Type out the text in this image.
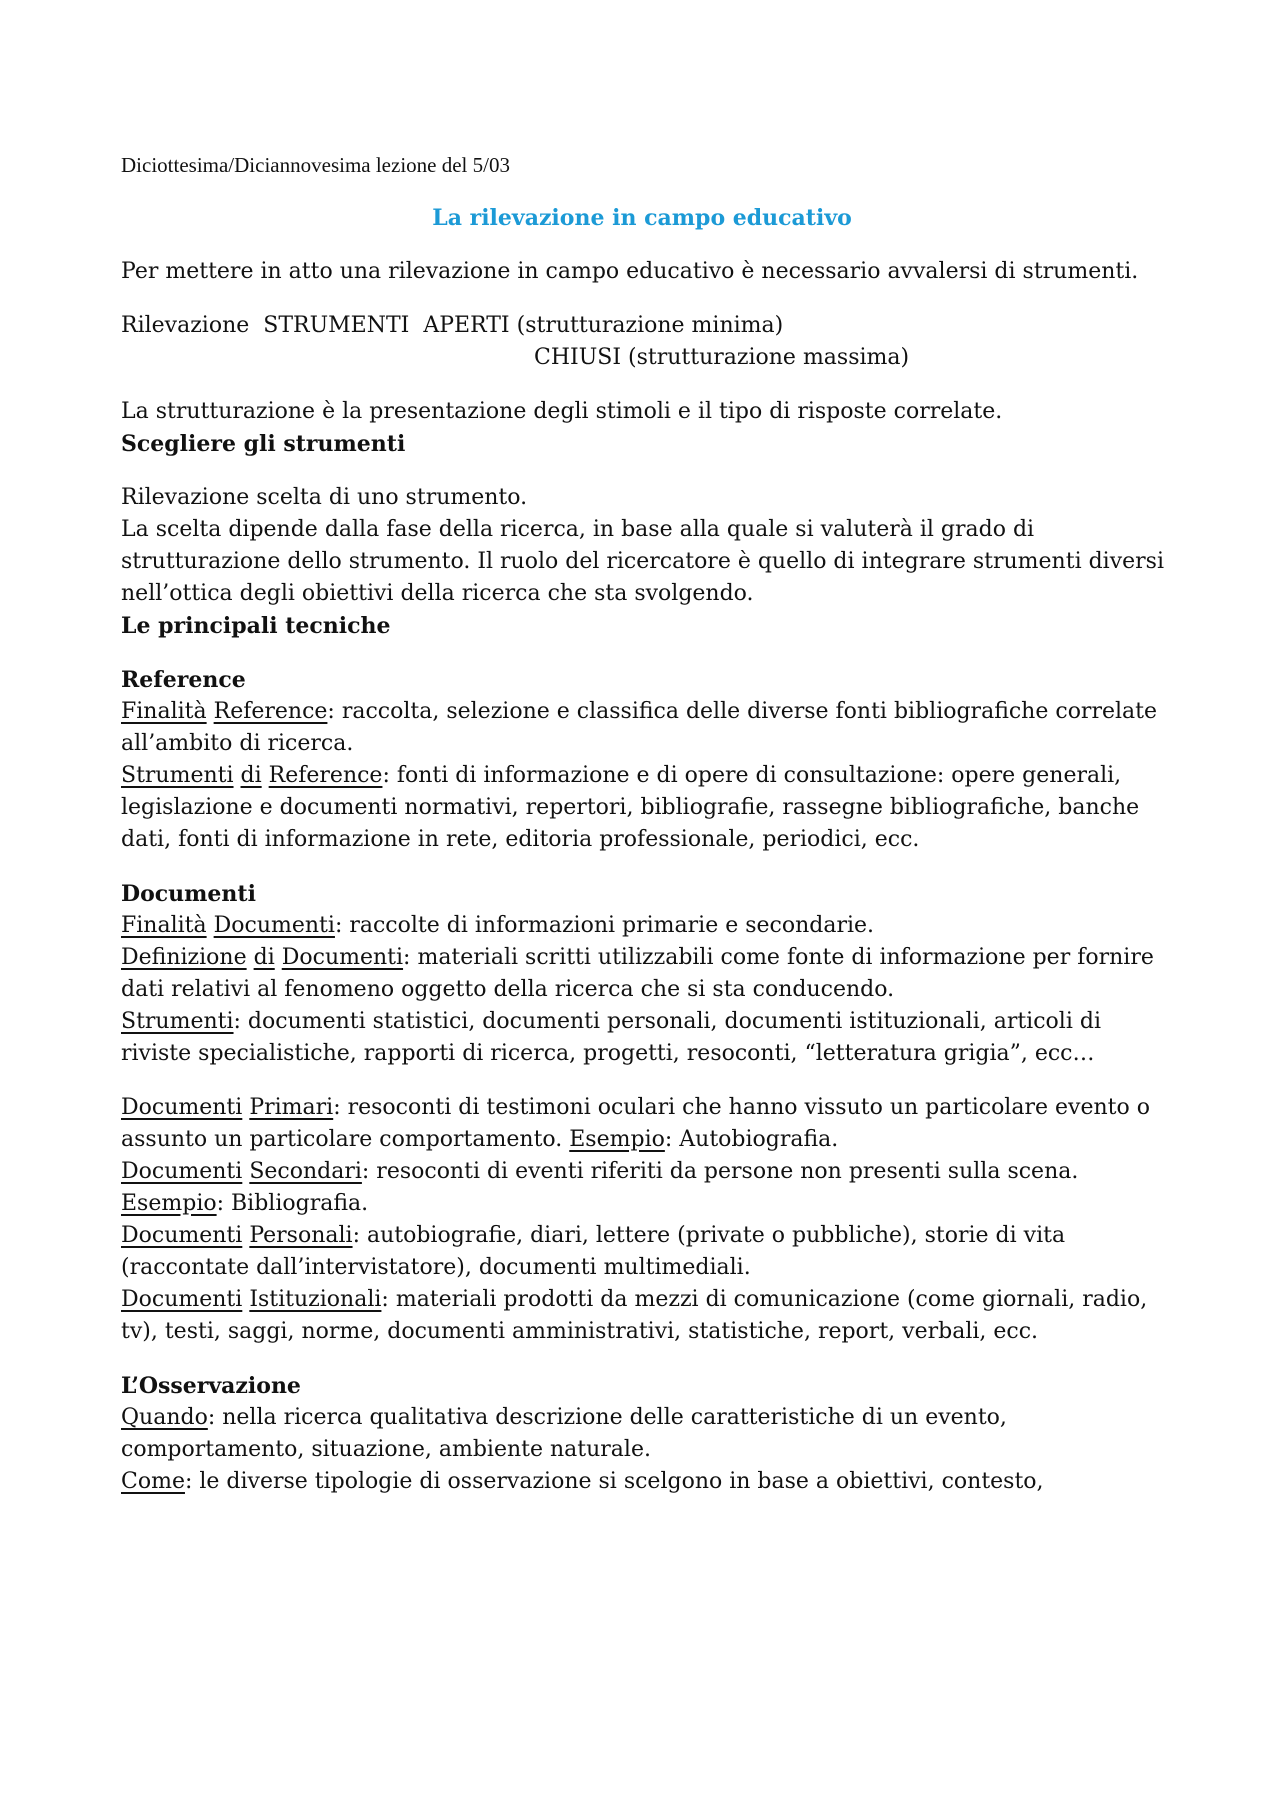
Diciottesima/Diciannovesima lezione del 5/03
La rilevazione in campo educativo

Per mettere in atto una rilevazione in campo educativo è necessario avvalersi di strumenti.

Rilevazione STRUMENTI APERTI (strutturazione minima)

CHIUSI (strutturazione massima)

La strutturazione è la presentazione degli stimoli e il tipo di risposte correlate.

Scegliere gli strumenti

Rilevazione scelta di uno strumento.

La scelta dipende dalla fase della ricerca, in base alla quale si valuterà il grado di strutturazione dello strumento. Il ruolo del ricercatore è quello di integrare strumenti diversi nell’ottica degli obiettivi della ricerca che sta svolgendo.

Le principali tecniche

Reference

Finalità Reference: raccolta, selezione e classifica delle diverse fonti bibliografiche correlate all’ambito di ricerca.

Strumenti di Reference: fonti di informazione e di opere di consultazione: opere generali, legislazione e documenti normativi, repertori, bibliografie, rassegne bibliografiche, banche dati, fonti di informazione in rete, editoria professionale, periodici, ecc.

Documenti

Finalità Documenti: raccolte di informazioni primarie e secondarie.

Definizione di Documenti: materiali scritti utilizzabili come fonte di informazione per fornire dati relativi al fenomeno oggetto della ricerca che si sta conducendo.

Strumenti: documenti statistici, documenti personali, documenti istituzionali, articoli di riviste specialistiche, rapporti di ricerca, progetti, resoconti, “letteratura grigia”, ecc…

Documenti Primari: resoconti di testimoni oculari che hanno vissuto un particolare evento o assunto un particolare comportamento. Esempio: Autobiografia.

Documenti Secondari: resoconti di eventi riferiti da persone non presenti sulla scena. Esempio: Bibliografia.

Documenti Personali: autobiografie, diari, lettere (private o pubbliche), storie di vita (raccontate dall’intervistatore), documenti multimediali.

Documenti Istituzionali: materiali prodotti da mezzi di comunicazione (come giornali, radio, tv), testi, saggi, norme, documenti amministrativi, statistiche, report, verbali, ecc.

L’Osservazione

Quando: nella ricerca qualitativa descrizione delle caratteristiche di un evento, comportamento, situazione, ambiente naturale.

Come: le diverse tipologie di osservazione si scelgono in base a obiettivi, contesto,
